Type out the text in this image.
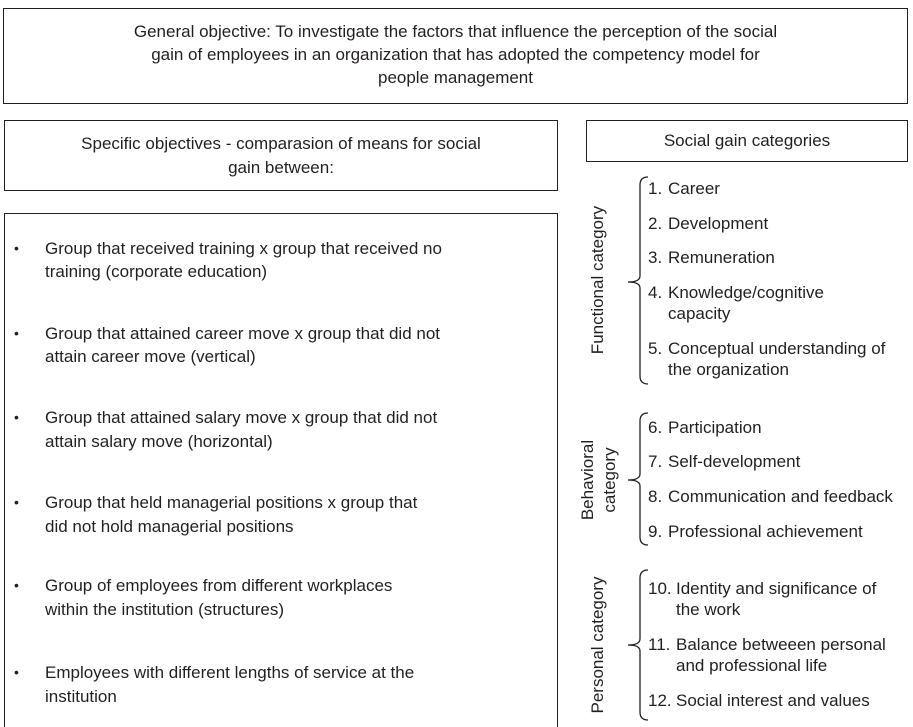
General objective: To investigate the factors that influence the perception of the social
gain of employees in an organization that has adopted the competency model for
people management
Specific objectives - comparasion of means for social
gain between:
• Group that received training x group that received no
training (corporate education)
• Group that attained career move x group that did not
attain career move (vertical)
• Group that attained salary move x group that did not
attain salary move (horizontal)
• Group that held managerial positions x group that
did not hold managerial positions
• Group of employees from different workplaces
within the institution (structures)
• Employees with different lengths of service at the
institution
Social gain categories
Functional category
Behavioral category
Personal category
1. Career
2. Development
3. Remuneration
4. Knowledge/cognitive
capacity
5. Conceptual understanding of
the organization
6. Participation
7. Self-development
8. Communication and feedback
9. Professional achievement
10. Identity and significance of
the work
11. Balance betweeen personal
and professional life
12. Social interest and values
